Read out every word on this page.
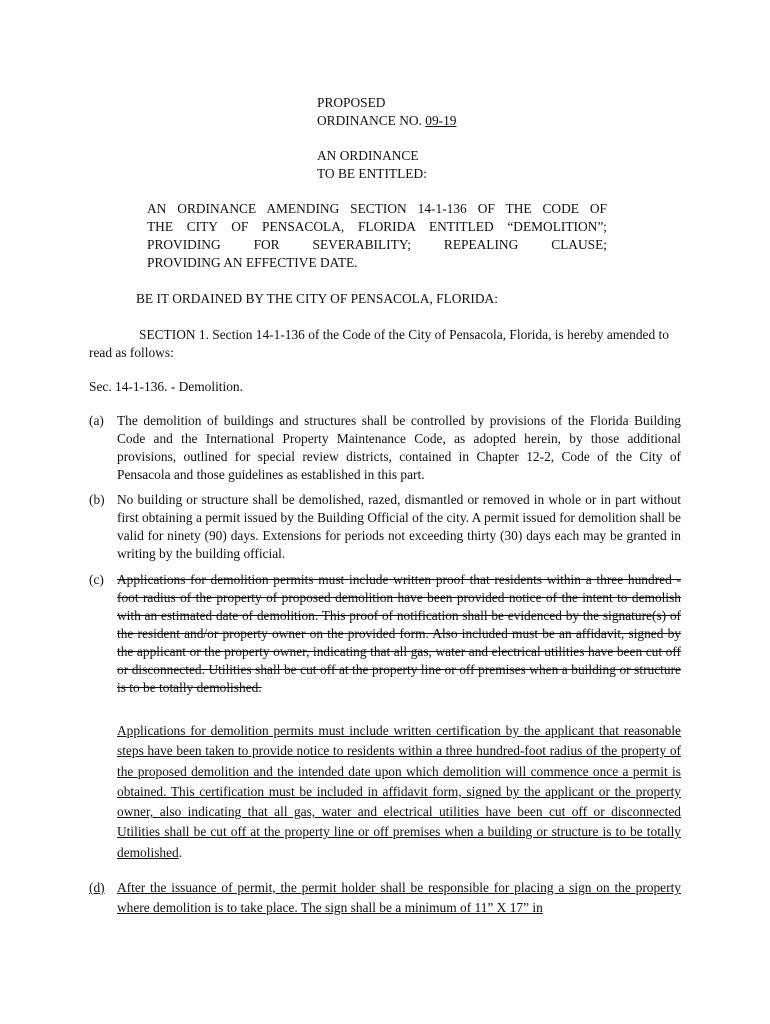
PROPOSED
ORDINANCE NO. 09-19
AN ORDINANCE
TO BE ENTITLED:
AN ORDINANCE AMENDING SECTION 14-1-136 OF THE CODE OF
THE CITY OF PENSACOLA, FLORIDA ENTITLED “DEMOLITION”;
PROVIDING FOR SEVERABILITY; REPEALING CLAUSE;
PROVIDING AN EFFECTIVE DATE.
BE IT ORDAINED BY THE CITY OF PENSACOLA, FLORIDA:
SECTION 1. Section 14-1-136 of the Code of the City of Pensacola, Florida, is hereby amended to read as follows:
Sec. 14-1-136. - Demolition.
(a) The demolition of buildings and structures shall be controlled by provisions of the Florida Building Code and the International Property Maintenance Code, as adopted herein, by those additional provisions, outlined for special review districts, contained in Chapter 12-2, Code of the City of Pensacola and those guidelines as established in this part.
(b) No building or structure shall be demolished, razed, dismantled or removed in whole or in part without first obtaining a permit issued by the Building Official of the city. A permit issued for demolition shall be valid for ninety (90) days. Extensions for periods not exceeding thirty (30) days each may be granted in writing by the building official.
(c) Applications for demolition permits must include written proof that residents within a three hundred - foot radius of the property of proposed demolition have been provided notice of the intent to demolish with an estimated date of demolition. This proof of notification shall be evidenced by the signature(s) of the resident and/or property owner on the provided form. Also included must be an affidavit, signed by the applicant or the property owner, indicating that all gas, water and electrical utilities have been cut off or disconnected. Utilities shall be cut off at the property line or off premises when a building or structure is to be totally demolished.
Applications for demolition permits must include written certification by the applicant that reasonable steps have been taken to provide notice to residents within a three hundred-foot radius of the property of the proposed demolition and the intended date upon which demolition will commence once a permit is obtained. This certification must be included in affidavit form, signed by the applicant or the property owner, also indicating that all gas, water and electrical utilities have been cut off or disconnected Utilities shall be cut off at the property line or off premises when a building or structure is to be totally demolished.
(d) After the issuance of permit, the permit holder shall be responsible for placing a sign on the property where demolition is to take place. The sign shall be a minimum of 11” X 17” in
